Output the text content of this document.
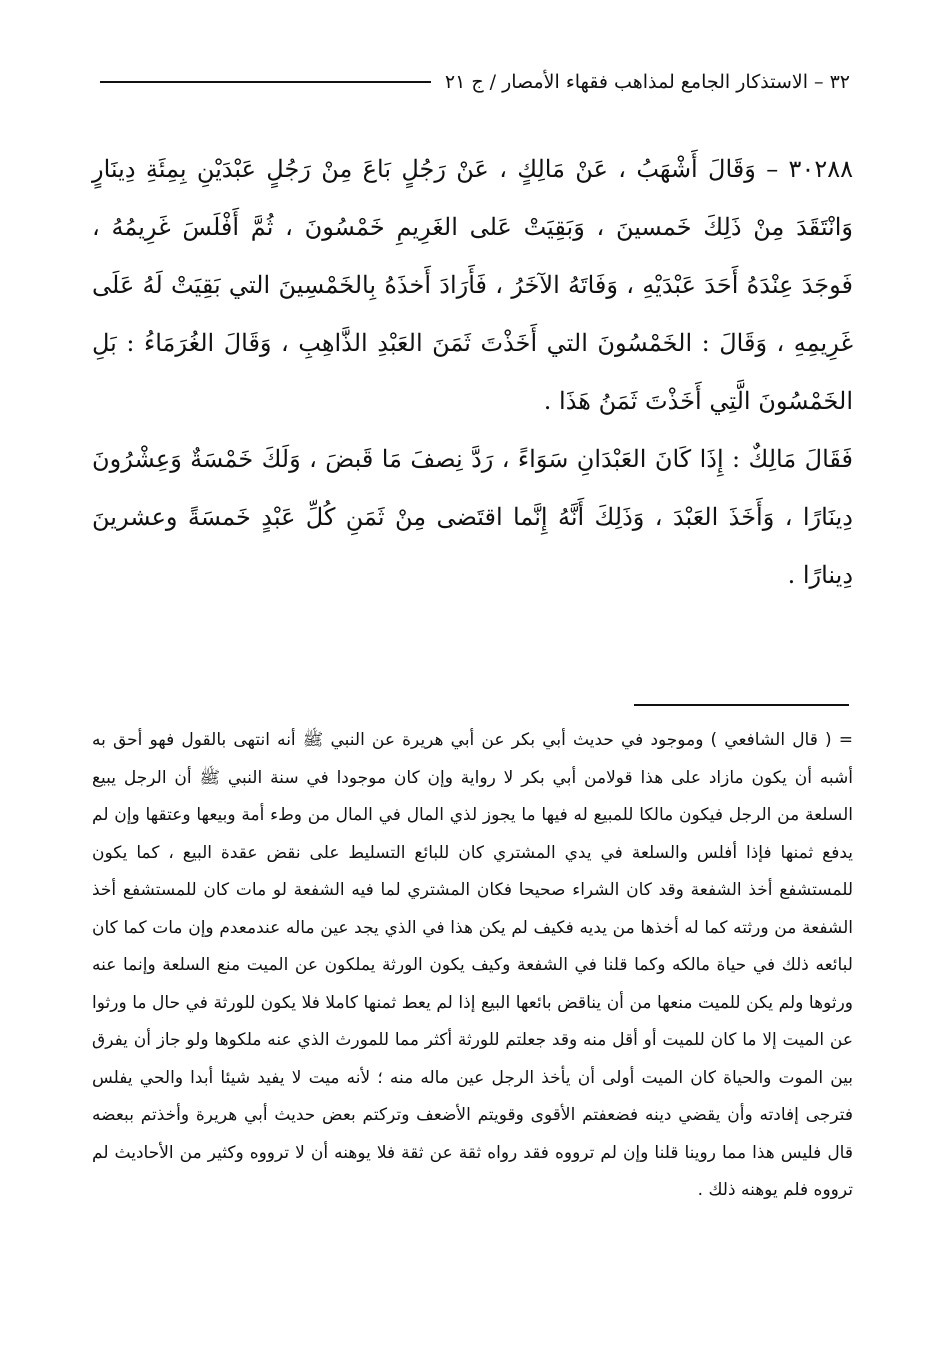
٣٢ – الاستذكار الجامع لمذاهب فقهاء الأمصار / ج ٢١

٣٠٢٨٨ – وَقَالَ أَشْهَبُ ، عَنْ مَالِكٍ ، عَنْ رَجُلٍ بَاعَ مِنْ رَجُلٍ عَبْدَيْنِ بِمِئَةِ دِينَارٍ وَانْتَقَدَ مِنْ ذَلِكَ خَمسينَ ، وَبَقِيَتْ عَلى الغَرِيمِ خَمْسُونَ ، ثُمَّ أَفْلَسَ غَرِيمُهُ ، فَوجَدَ عِنْدَهُ أَحَدَ عَبْدَيْهِ ، وَفَاتَهُ الآخَرُ ، فَأَرَادَ أَخذَهُ بِالخَمْسِينَ التي بَقِيَتْ لَهُ عَلَى غَرِيمِهِ ، وَقَالَ : الخَمْسُونَ التي أَخَذْتَ ثَمَنَ العَبْدِ الذَّاهِبِ ، وَقَالَ الغُرَمَاءُ : بَلِ الخَمْسُونَ الَّتِي أَخَذْتَ ثَمَنُ هَذَا .

فَقَالَ مَالِكٌ : إِذَا كَانَ العَبْدَانِ سَوَاءً ، رَدَّ نِصفَ مَا قَبضَ ، وَلَكَ خَمْسَةٌ وَعِشْرُونَ دِينَارًا ، وَأَخَذَ العَبْدَ ، وَذَلِكَ أَنَّهُ إِنَّما اقتَضى مِنْ ثَمَنِ كُلِّ عَبْدٍ خَمسَةً وعشرينَ دِينارًا .

= ( قال الشافعي ) وموجود في حديث أبي بكر عن أبي هريرة عن النبي ﷺ أنه انتهى بالقول فهو أحق به أشبه أن يكون مازاد على هذا قولامن أبي بكر لا رواية وإن كان موجودا في سنة النبي ﷺ أن الرجل يبيع السلعة من الرجل فيكون مالكا للمبيع له فيها ما يجوز لذي المال في المال من وطء أمة وبيعها وعتقها وإن لم يدفع ثمنها فإذا أفلس والسلعة في يدي المشتري كان للبائع التسليط على نقض عقدة البيع ، كما يكون للمستشفع أخذ الشفعة وقد كان الشراء صحيحا فكان المشتري لما فيه الشفعة لو مات كان للمستشفع أخذ الشفعة من ورثته كما له أخذها من يديه فكيف لم يكن هذا في الذي يجد عين ماله عندمعدم وإن مات كما كان لبائعه ذلك في حياة مالكه وكما قلنا في الشفعة وكيف يكون الورثة يملكون عن الميت منع السلعة وإنما عنه ورثوها ولم يكن للميت منعها من أن يناقض بائعها البيع إذا لم يعط ثمنها كاملا فلا يكون للورثة في حال ما ورثوا عن الميت إلا ما كان للميت أو أقل منه وقد جعلتم للورثة أكثر مما للمورث الذي عنه ملكوها ولو جاز أن يفرق بين الموت والحياة كان الميت أولى أن يأخذ الرجل عين ماله منه ؛ لأنه ميت لا يفيد شيئا أبدا والحي يفلس فترجى إفادته وأن يقضي دينه فضعفتم الأقوى وقويتم الأضعف وتركتم بعض حديث أبي هريرة وأخذتم ببعضه قال فليس هذا مما روينا قلنا وإن لم ترووه فقد رواه ثقة عن ثقة فلا يوهنه أن لا ترووه وكثير من الأحاديث لم ترووه فلم يوهنه ذلك .
